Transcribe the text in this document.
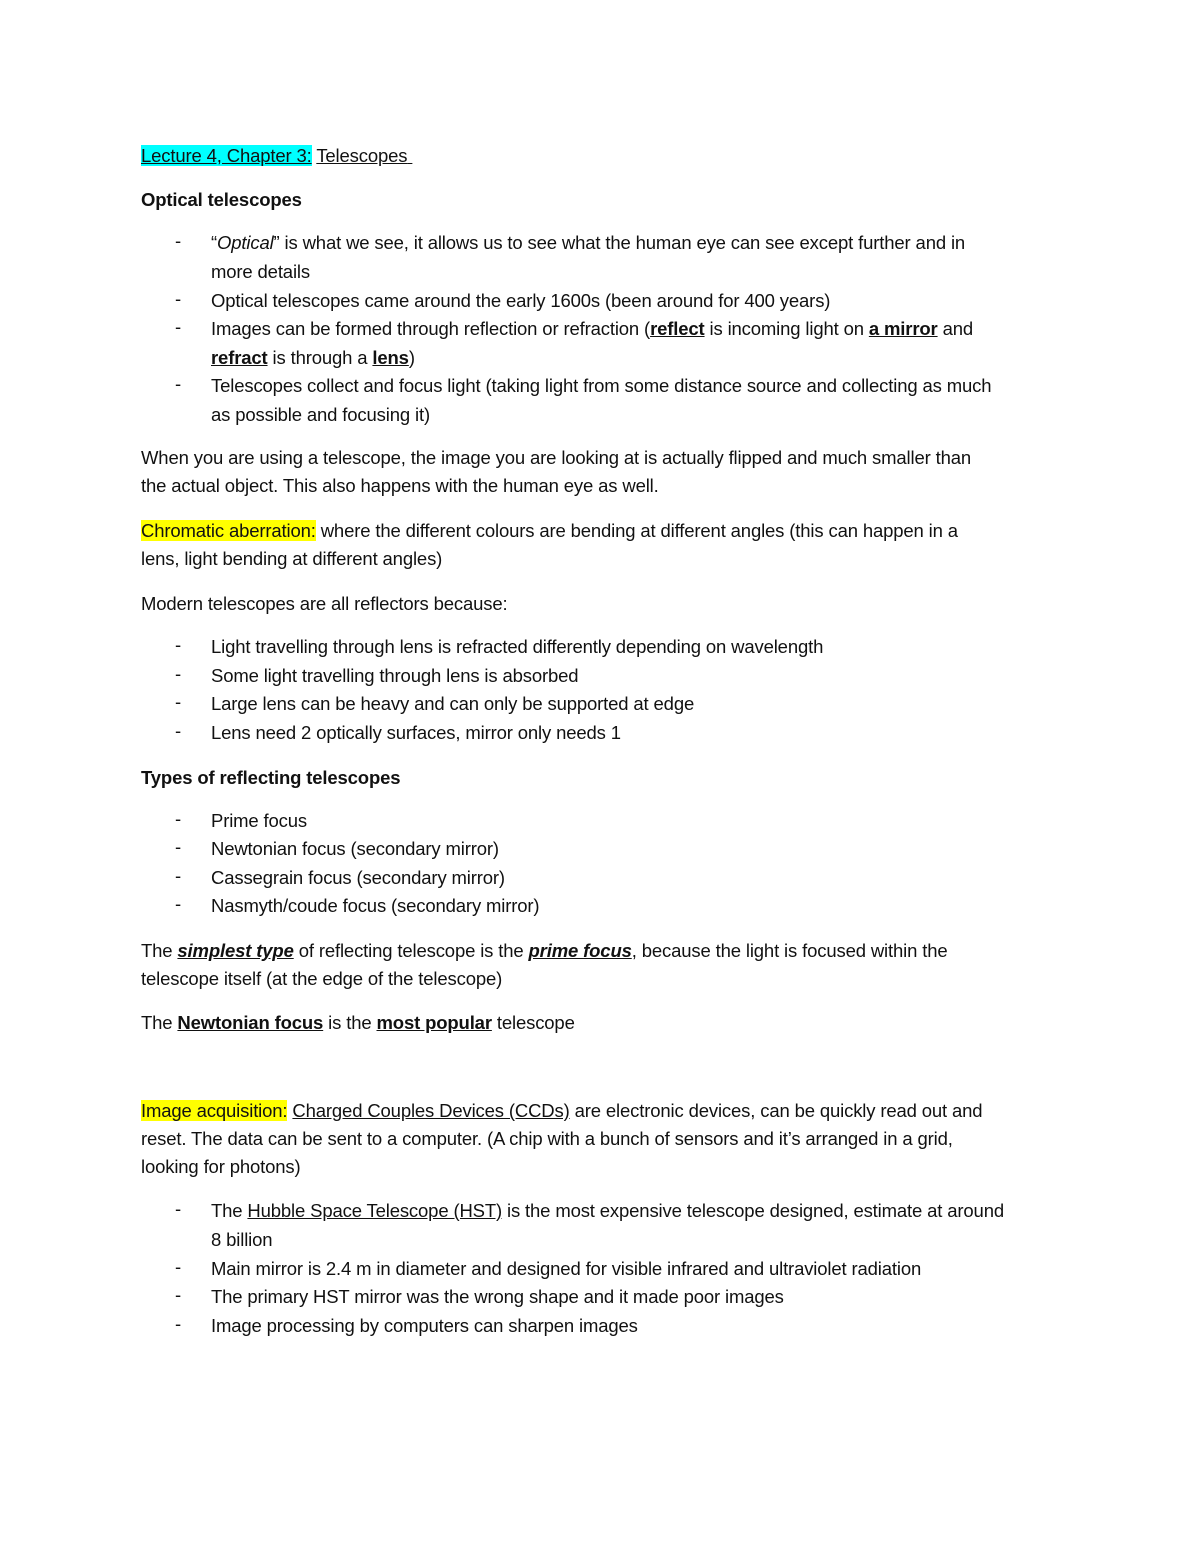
Lecture 4, Chapter 3: Telescopes
Optical telescopes
- “Optical” is what we see, it allows us to see what the human eye can see except further and in
more details
- Optical telescopes came around the early 1600s (been around for 400 years)
- Images can be formed through reflection or refraction (reflect is incoming light on a mirror and
refract is through a lens)
- Telescopes collect and focus light (taking light from some distance source and collecting as much
as possible and focusing it)
When you are using a telescope, the image you are looking at is actually flipped and much smaller than
the actual object. This also happens with the human eye as well.
Chromatic aberration: where the different colours are bending at different angles (this can happen in a
lens, light bending at different angles)
Modern telescopes are all reflectors because:
- Light travelling through lens is refracted differently depending on wavelength
- Some light travelling through lens is absorbed
- Large lens can be heavy and can only be supported at edge
- Lens need 2 optically surfaces, mirror only needs 1
Types of reflecting telescopes
- Prime focus
- Newtonian focus (secondary mirror)
- Cassegrain focus (secondary mirror)
- Nasmyth/coude focus (secondary mirror)
The simplest type of reflecting telescope is the prime focus, because the light is focused within the
telescope itself (at the edge of the telescope)
The Newtonian focus is the most popular telescope
Image acquisition: Charged Couples Devices (CCDs) are electronic devices, can be quickly read out and
reset. The data can be sent to a computer. (A chip with a bunch of sensors and it’s arranged in a grid,
looking for photons)
- The Hubble Space Telescope (HST) is the most expensive telescope designed, estimate at around
8 billion
- Main mirror is 2.4 m in diameter and designed for visible infrared and ultraviolet radiation
- The primary HST mirror was the wrong shape and it made poor images
- Image processing by computers can sharpen images
